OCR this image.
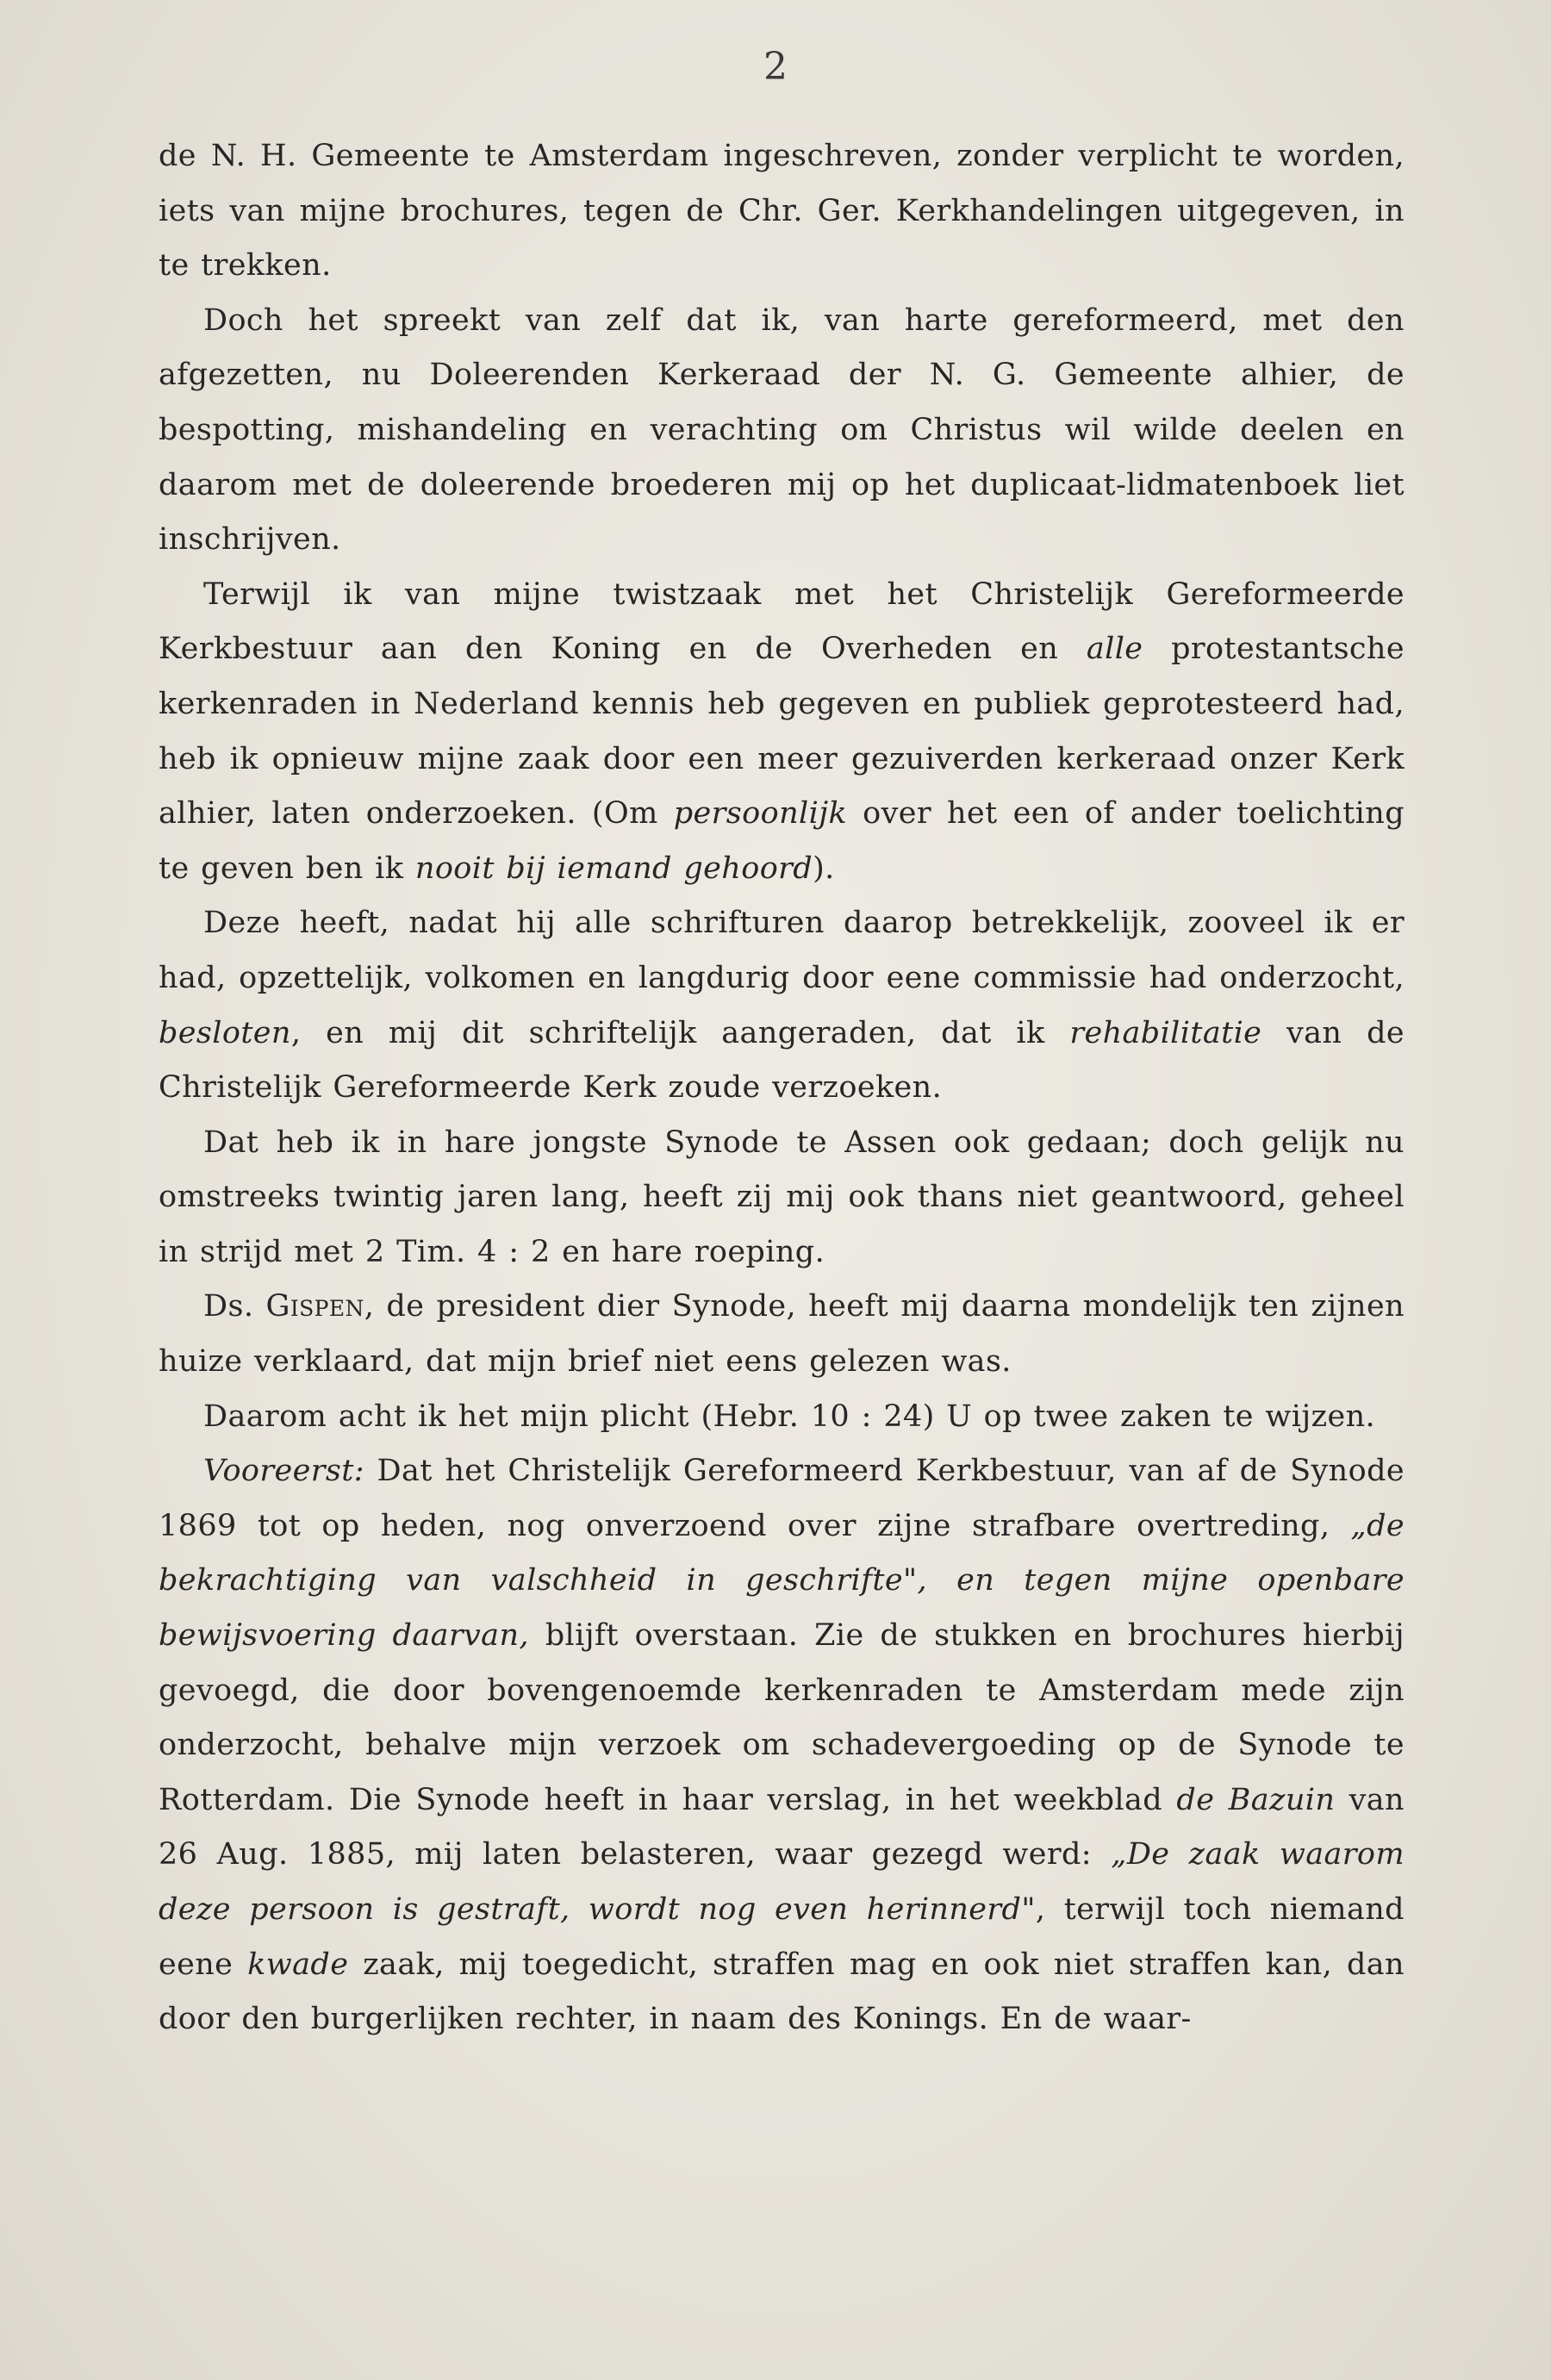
2

de N. H. Gemeente te Amsterdam ingeschreven, zonder verplicht te worden, iets van mijne brochures, tegen de Chr. Ger. Kerkhandelingen uitgegeven, in te trekken.

Doch het spreekt van zelf dat ik, van harte gereformeerd, met den afgezetten, nu Doleerenden Kerkeraad der N. G. Gemeente alhier, de bespotting, mishandeling en verachting om Christus wil wilde deelen en daarom met de doleerende broederen mij op het duplicaat-lidmatenboek liet inschrijven.

Terwijl ik van mijne twistzaak met het Christelijk Gereformeerde Kerkbestuur aan den Koning en de Overheden en alle protestantsche kerkenraden in Nederland kennis heb gegeven en publiek geprotesteerd had, heb ik opnieuw mijne zaak door een meer gezuiverden kerkeraad onzer Kerk alhier, laten onderzoeken. (Om persoonlijk over het een of ander toelichting te geven ben ik nooit bij iemand gehoord).

Deze heeft, nadat hij alle schrifturen daarop betrekkelijk, zooveel ik er had, opzettelijk, volkomen en langdurig door eene commissie had onderzocht, besloten, en mij dit schriftelijk aangeraden, dat ik rehabilitatie van de Christelijk Gereformeerde Kerk zoude verzoeken.

Dat heb ik in hare jongste Synode te Assen ook gedaan; doch gelijk nu omstreeks twintig jaren lang, heeft zij mij ook thans niet geantwoord, geheel in strijd met 2 Tim. 4 : 2 en hare roeping.

Ds. Gispen, de president dier Synode, heeft mij daarna mondelijk ten zijnen huize verklaard, dat mijn brief niet eens gelezen was.

Daarom acht ik het mijn plicht (Hebr. 10 : 24) U op twee zaken te wijzen.

Vooreerst: Dat het Christelijk Gereformeerd Kerkbestuur, van af de Synode 1869 tot op heden, nog onverzoend over zijne strafbare overtreding, „de bekrachtiging van valschheid in geschrifte", en tegen mijne openbare bewijsvoering daarvan, blijft overstaan. Zie de stukken en brochures hierbij gevoegd, die door bovengenoemde kerkenraden te Amsterdam mede zijn onderzocht, behalve mijn verzoek om schadevergoeding op de Synode te Rotterdam. Die Synode heeft in haar verslag, in het weekblad de Bazuin van 26 Aug. 1885, mij laten belasteren, waar gezegd werd: „De zaak waarom deze persoon is gestraft, wordt nog even herinnerd", terwijl toch niemand eene kwade zaak, mij toegedicht, straffen mag en ook niet straffen kan, dan door den burgerlijken rechter, in naam des Konings. En de waar-
